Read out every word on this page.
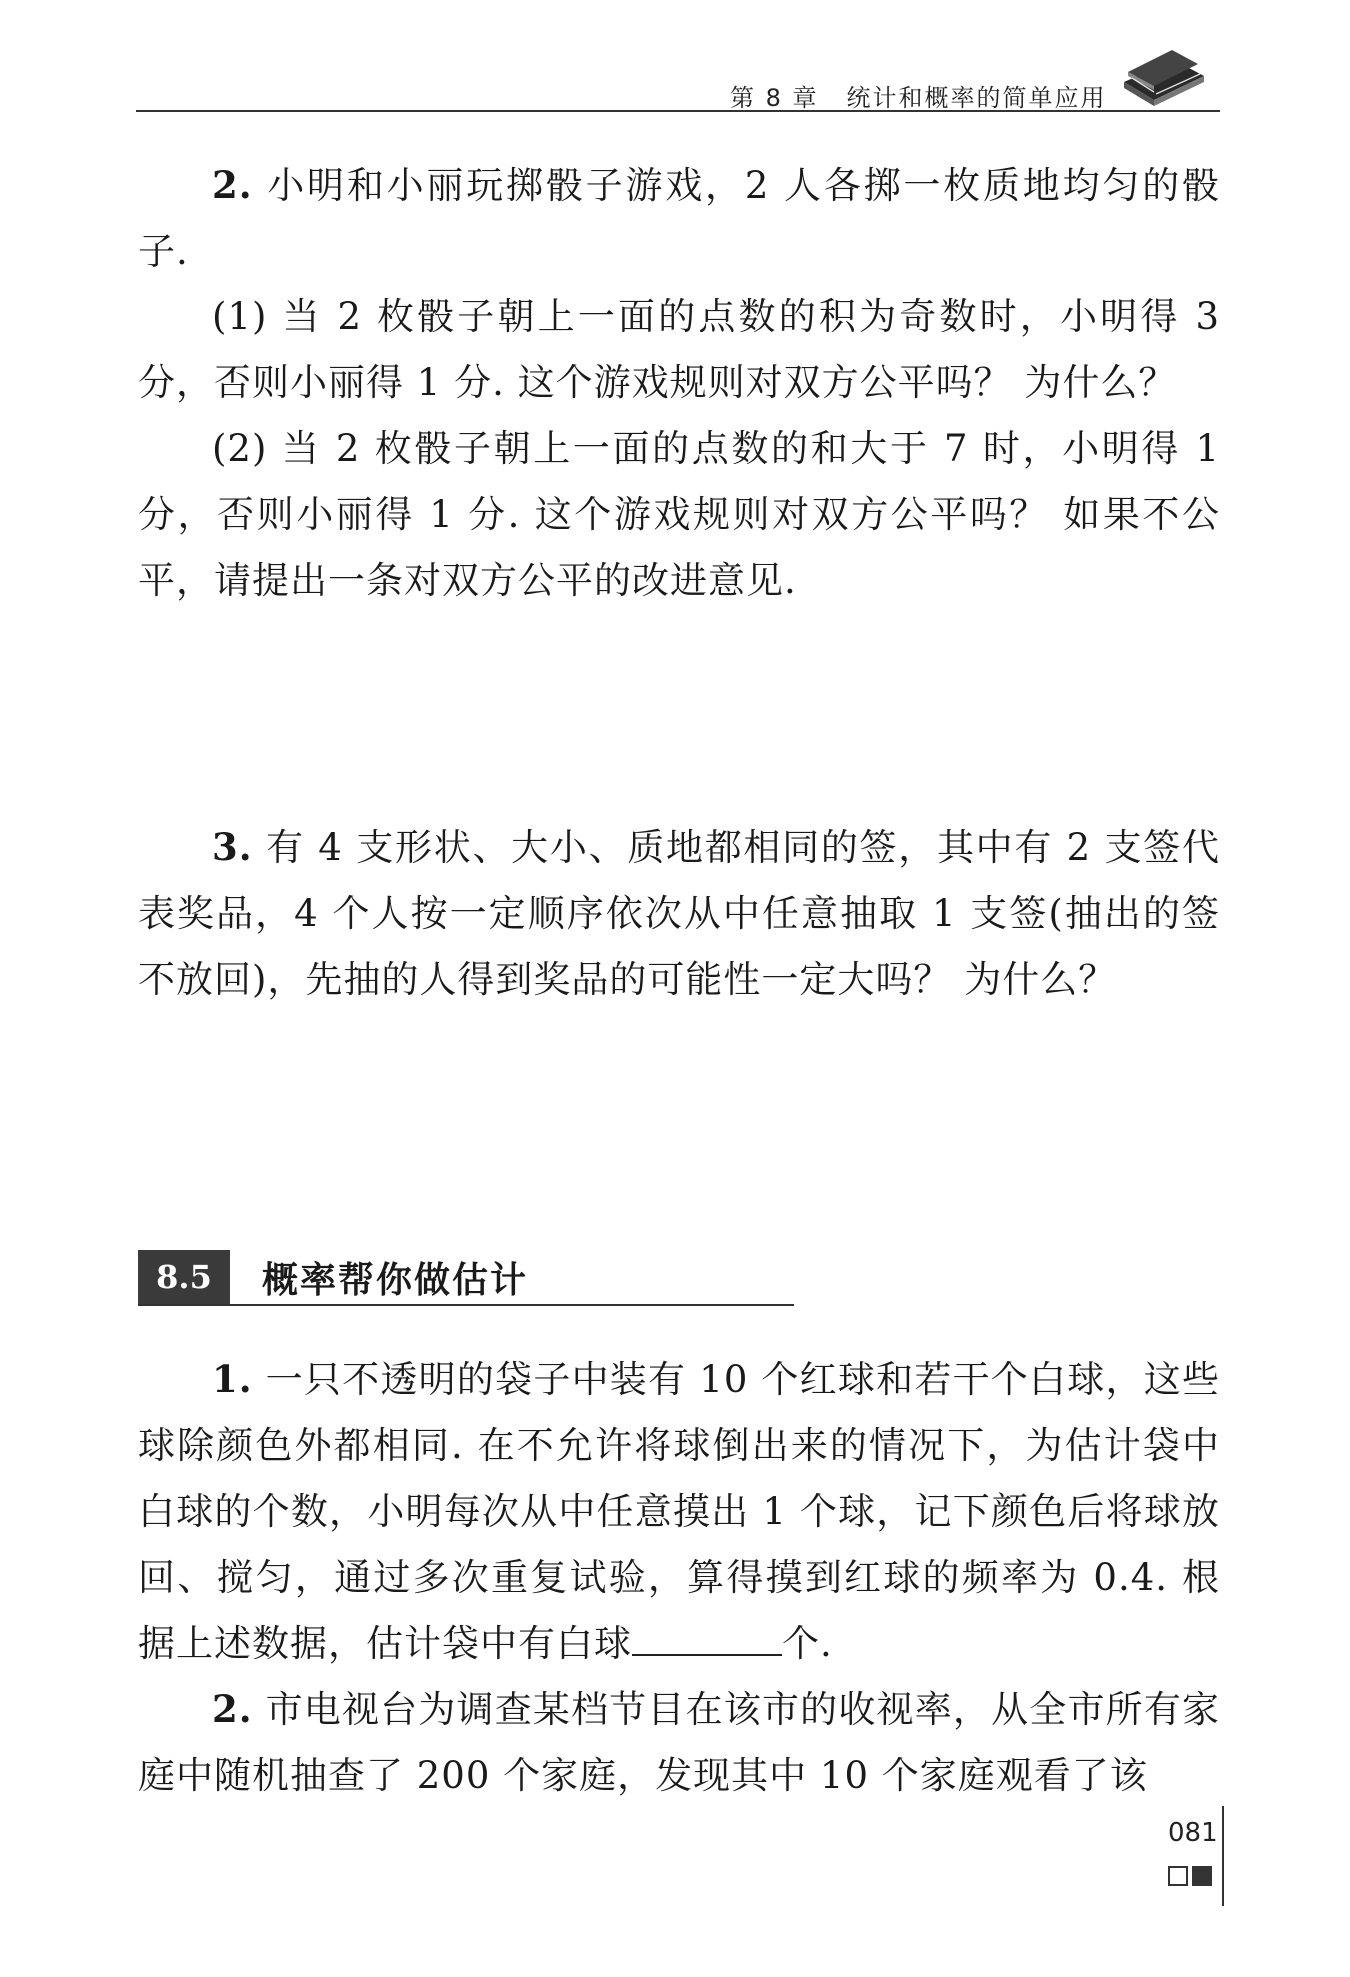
第 8 章 统计和概率的简单应用

2. 小明和小丽玩掷骰子游戏，2 人各掷一枚质地均匀的骰子.

(1) 当 2 枚骰子朝上一面的点数的积为奇数时，小明得 3 分，否则小丽得 1 分. 这个游戏规则对双方公平吗？ 为什么？

(2) 当 2 枚骰子朝上一面的点数的和大于 7 时，小明得 1 分，否则小丽得 1 分. 这个游戏规则对双方公平吗？ 如果不公平，请提出一条对双方公平的改进意见.

3. 有 4 支形状、大小、质地都相同的签，其中有 2 支签代表奖品，4 个人按一定顺序依次从中任意抽取 1 支签(抽出的签不放回)，先抽的人得到奖品的可能性一定大吗？ 为什么？

8.5	概率帮你做估计

1. 一只不透明的袋子中装有 10 个红球和若干个白球，这些球除颜色外都相同. 在不允许将球倒出来的情况下，为估计袋中白球的个数，小明每次从中任意摸出 1 个球，记下颜色后将球放回、搅匀，通过多次重复试验，算得摸到红球的频率为 0.4. 根据上述数据，估计袋中有白球	个.

2. 市电视台为调查某档节目在该市的收视率，从全市所有家庭中随机抽查了 200 个家庭，发现其中 10 个家庭观看了该

081
